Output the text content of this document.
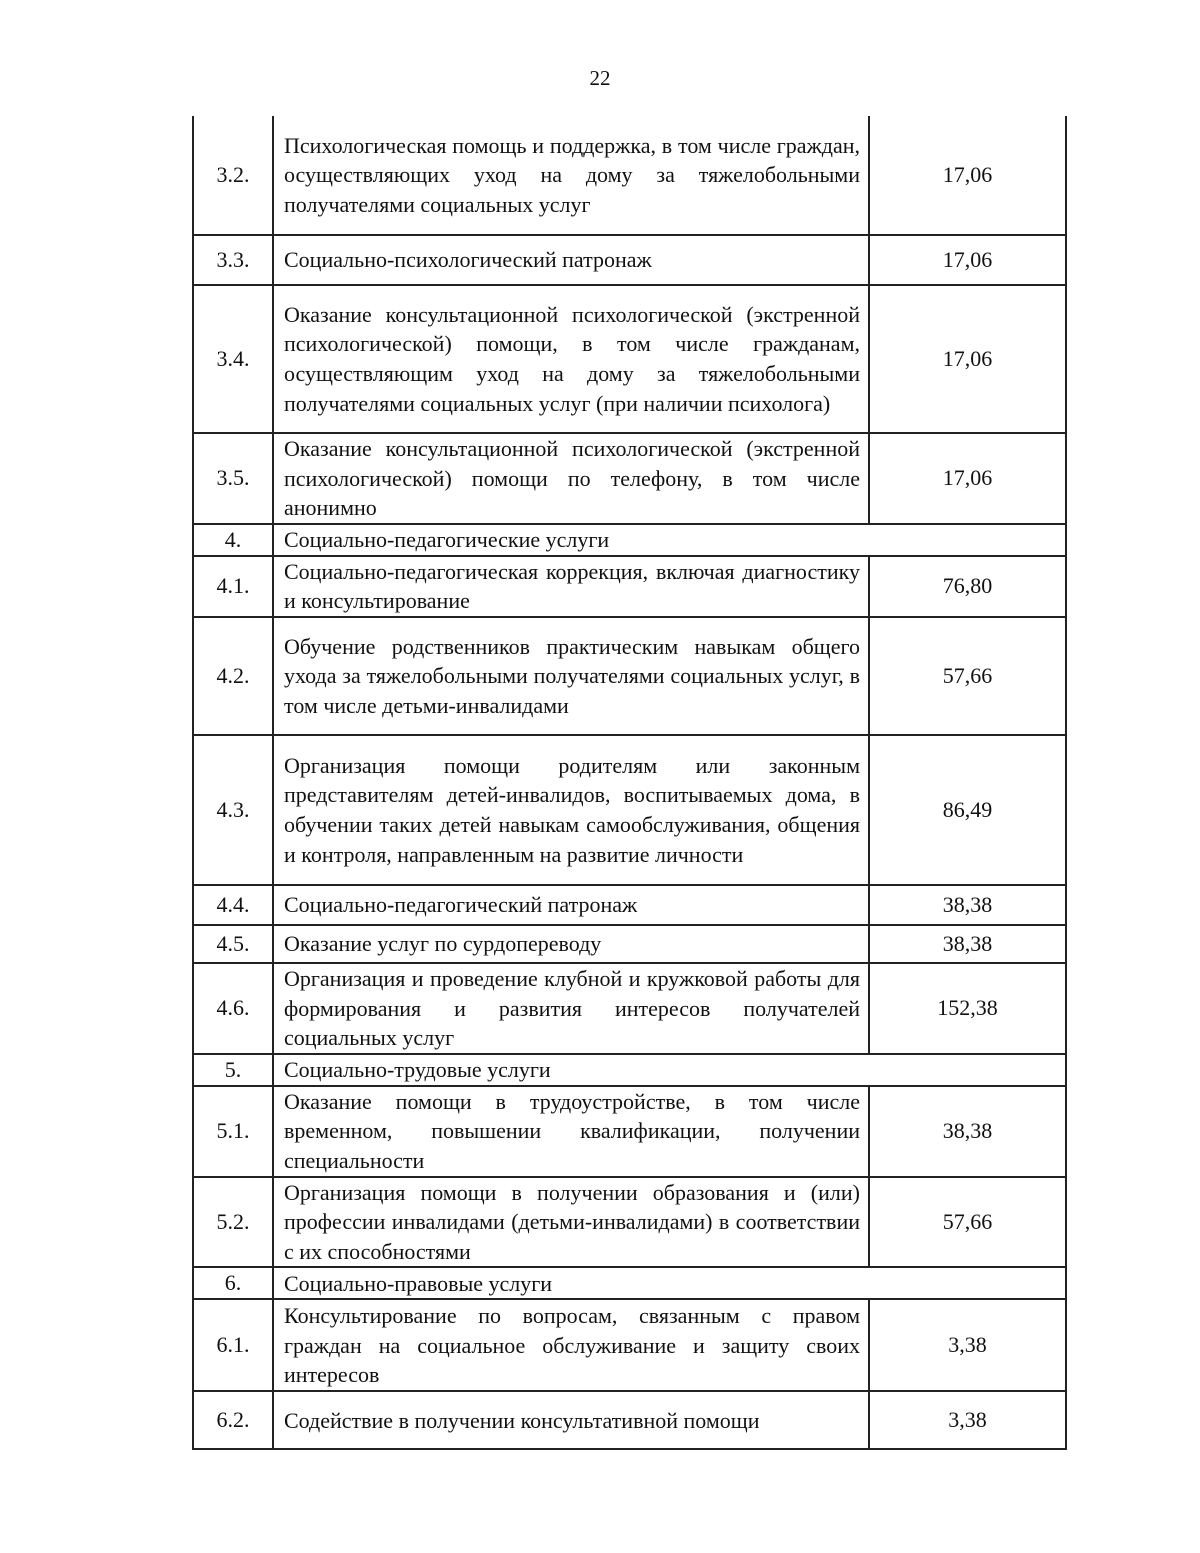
22
3.2.	Психологическая помощь и поддержка, в том числе граждан, осуществляющих уход на дому за тяжелобольными получателями социальных услуг	17,06
3.3.	Социально-психологический патронаж	17,06
3.4.	Оказание консультационной психологической (экстренной психологической) помощи, в том числе гражданам, осуществляющим уход на дому за тяжелобольными получателями социальных услуг (при наличии психолога)	17,06
3.5.	Оказание консультационной психологической (экстренной психологической) помощи по телефону, в том числе анонимно	17,06
4.	Социально-педагогические услуги	
4.1.	Социально-педагогическая коррекция, включая диагностику и консультирование	76,80
4.2.	Обучение родственников практическим навыкам общего ухода за тяжелобольными получателями социальных услуг, в том числе детьми-инвалидами	57,66
4.3.	Организация помощи родителям или законным представителям детей-инвалидов, воспитываемых дома, в обучении таких детей навыкам самообслуживания, общения и контроля, направленным на развитие личности	86,49
4.4.	Социально-педагогический патронаж	38,38
4.5.	Оказание услуг по сурдопереводу	38,38
4.6.	Организация и проведение клубной и кружковой работы для формирования и развития интересов получателей социальных услуг	152,38
5.	Социально-трудовые услуги	
5.1.	Оказание помощи в трудоустройстве, в том числе временном, повышении квалификации, получении специальности	38,38
5.2.	Организация помощи в получении образования и (или) профессии инвалидами (детьми-инвалидами) в соответствии с их способностями	57,66
6.	Социально-правовые услуги	
6.1.	Консультирование по вопросам, связанным с правом граждан на социальное обслуживание и защиту своих интересов	3,38
6.2.	Содействие в получении консультативной помощи	3,38
